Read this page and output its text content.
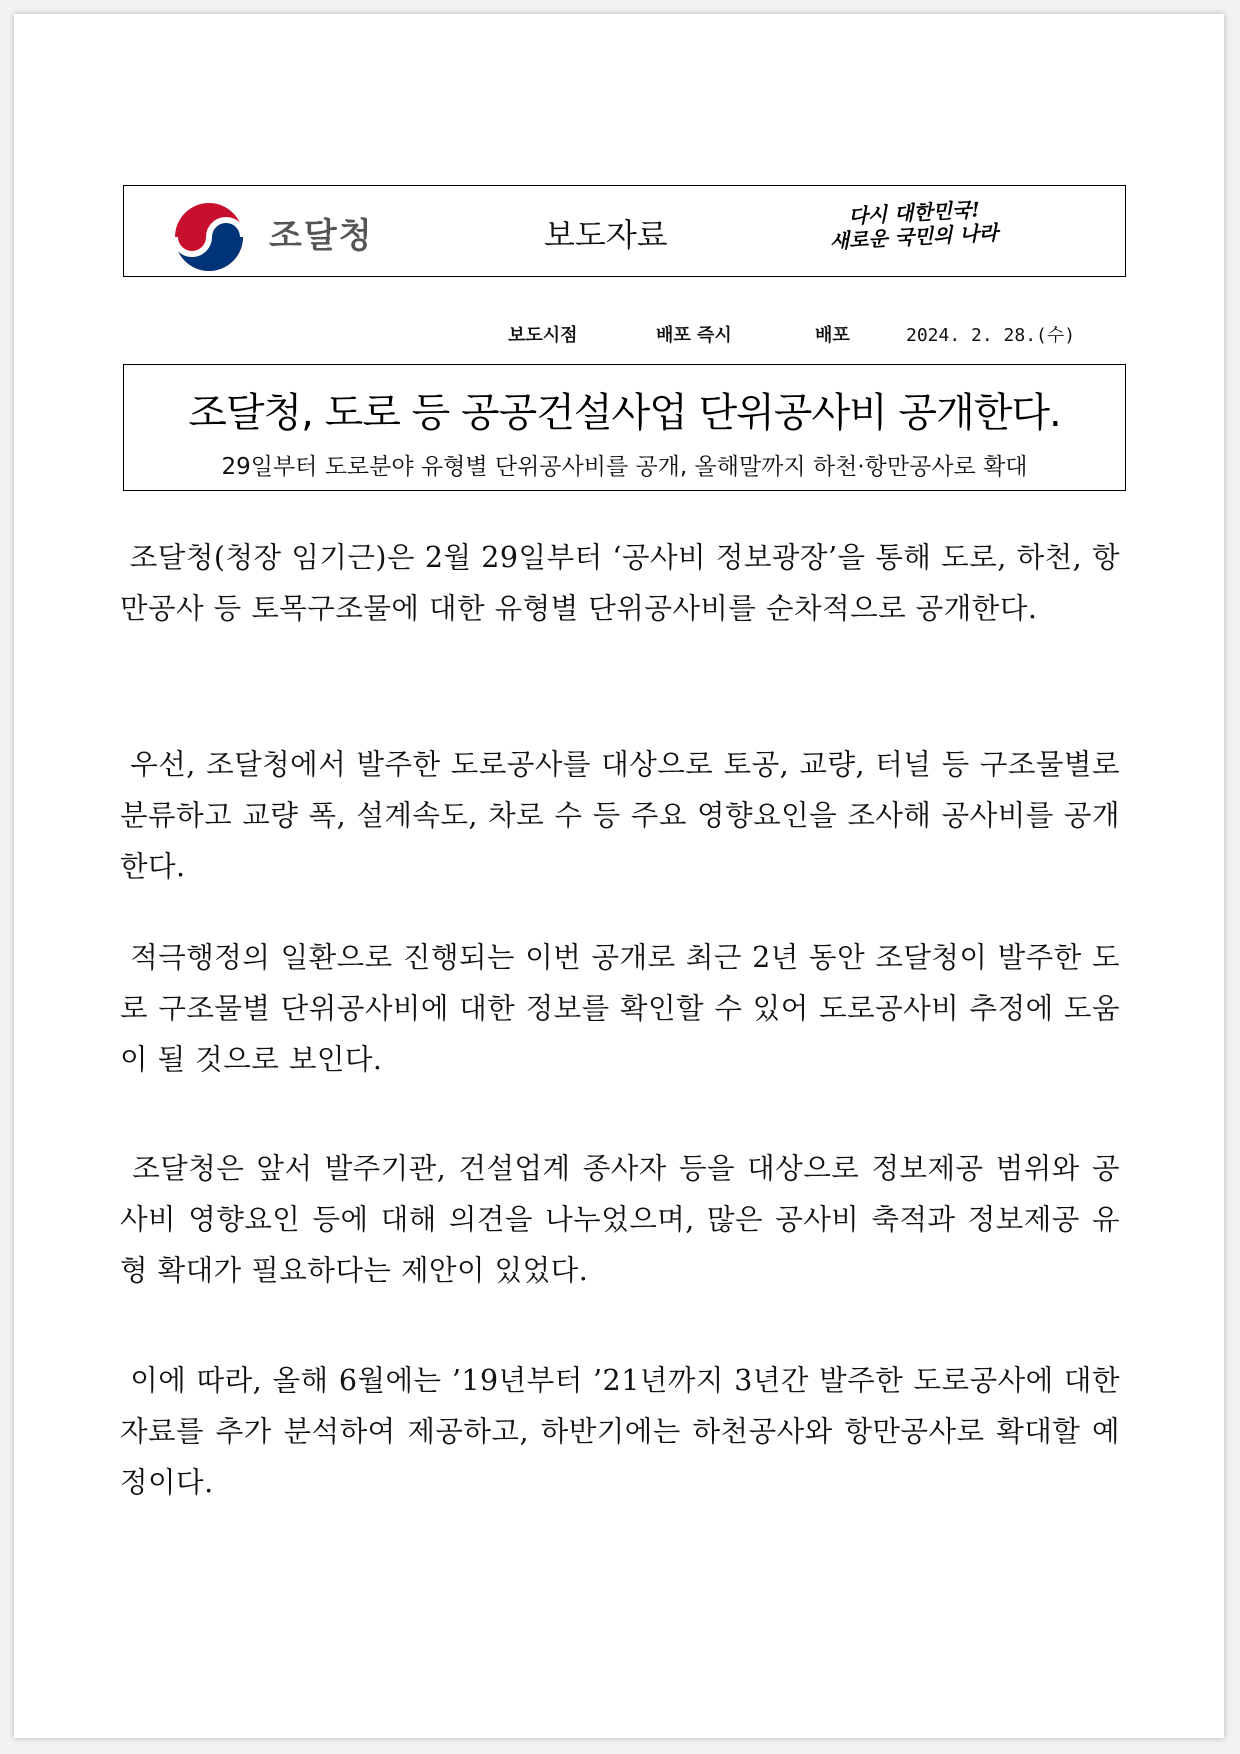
조달청	보도자료
다시 대한민국!
새로운 국민의 나라
보도시점	배포 즉시	배포	2024. 2. 28.(수)
조달청, 도로 등 공공건설사업 단위공사비 공개한다.
29일부터 도로분야 유형별 단위공사비를 공개, 올해말까지 하천·항만공사로 확대

조달청(청장 임기근)은 2월 29일부터 ‘공사비 정보광장’을 통해 도로, 하천, 항만공사 등 토목구조물에 대한 유형별 단위공사비를 순차적으로 공개한다.

우선, 조달청에서 발주한 도로공사를 대상으로 토공, 교량, 터널 등 구조물별로 분류하고 교량 폭, 설계속도, 차로 수 등 주요 영향요인을 조사해 공사비를 공개한다.

적극행정의 일환으로 진행되는 이번 공개로 최근 2년 동안 조달청이 발주한 도로 구조물별 단위공사비에 대한 정보를 확인할 수 있어 도로공사비 추정에 도움이 될 것으로 보인다.

조달청은 앞서 발주기관, 건설업계 종사자 등을 대상으로 정보제공 범위와 공사비 영향요인 등에 대해 의견을 나누었으며, 많은 공사비 축적과 정보제공 유형 확대가 필요하다는 제안이 있었다.

이에 따라, 올해 6월에는 ’19년부터 ’21년까지 3년간 발주한 도로공사에 대한 자료를 추가 분석하여 제공하고, 하반기에는 하천공사와 항만공사로 확대할 예정이다.
